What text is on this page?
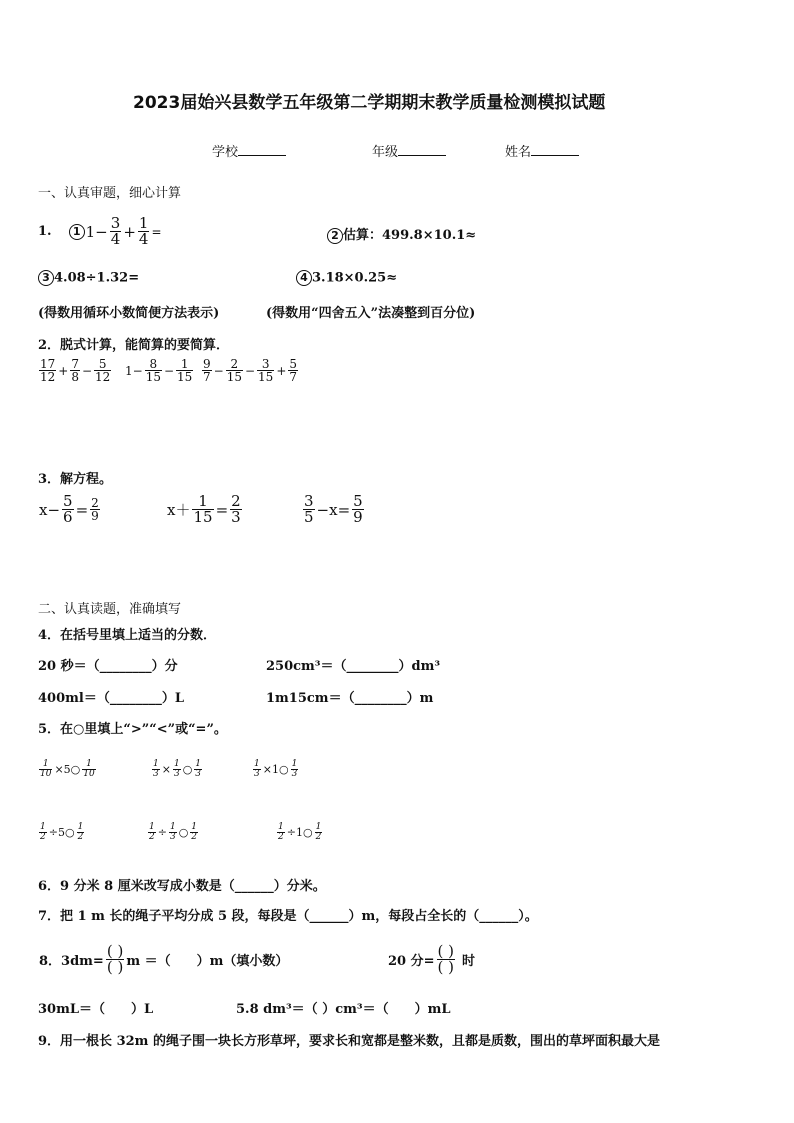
2023届始兴县数学五年级第二学期期末教学质量检测模拟试题
学校	年级	姓名
一、认真审题，细心计算
1. 1 $1- \frac{3}{4} + \frac{1}{4}$ =	2 估算：499.8×10.1≈
3 4.08÷1.32=	4 3.18×0.25≈
(得数用循环小数简便方法表示)	(得数用“四舍五入”法凑整到百分位)
2．脱式计算，能简算的要简算．
$\frac{17}{12} + \frac{7}{8} - \frac{5}{12} 1- \frac{8}{15} - \frac{1}{15} \frac{9}{7} - \frac{2}{15} - \frac{3}{15} + \frac{5}{7}$
3．解方程。
$x- \frac{5}{6} = \frac{2}{9}$	$x+ \frac{1}{15} = \frac{2}{3}$	$\frac{3}{5} -x= \frac{5}{9}$
二、认真读题，准确填写
4．在括号里填上适当的分数．
20 秒＝（________）分	250cm³＝（________）dm³
400ml＝（________）L	1m15cm＝（________）m
5．在○里填上“>”“<”或“=”。
$\frac{1}{10}$ ×5○ $\frac{1}{10}$	$\frac{1}{3} \times \frac{1}{3}$ ○ $\frac{1}{3}$	$\frac{1}{3}$ ×1○ $\frac{1}{3}$
$\frac{1}{2}$ ÷5○ $\frac{1}{2}$	$\frac{1}{2} \div \frac{1}{3}$ ○ $\frac{1}{2}$	$\frac{1}{2}$ ÷1○ $\frac{1}{2}$
6．9 分米 8 厘米改写成小数是（______）分米。
7．把 1 m 长的绳子平均分成 5 段，每段是（______）m，每段占全长的（______）。
8．$3dm= \frac{( )}{( )}$ m ＝（　　）m（填小数）	20 分= $\frac{( )}{( )}$ 时
30mL＝（　　）L	5.8 dm³＝（ ）cm³＝（　　）mL
9．用一根长 32m 的绳子围一块长方形草坪，要求长和宽都是整米数，且都是质数，围出的草坪面积最大是
